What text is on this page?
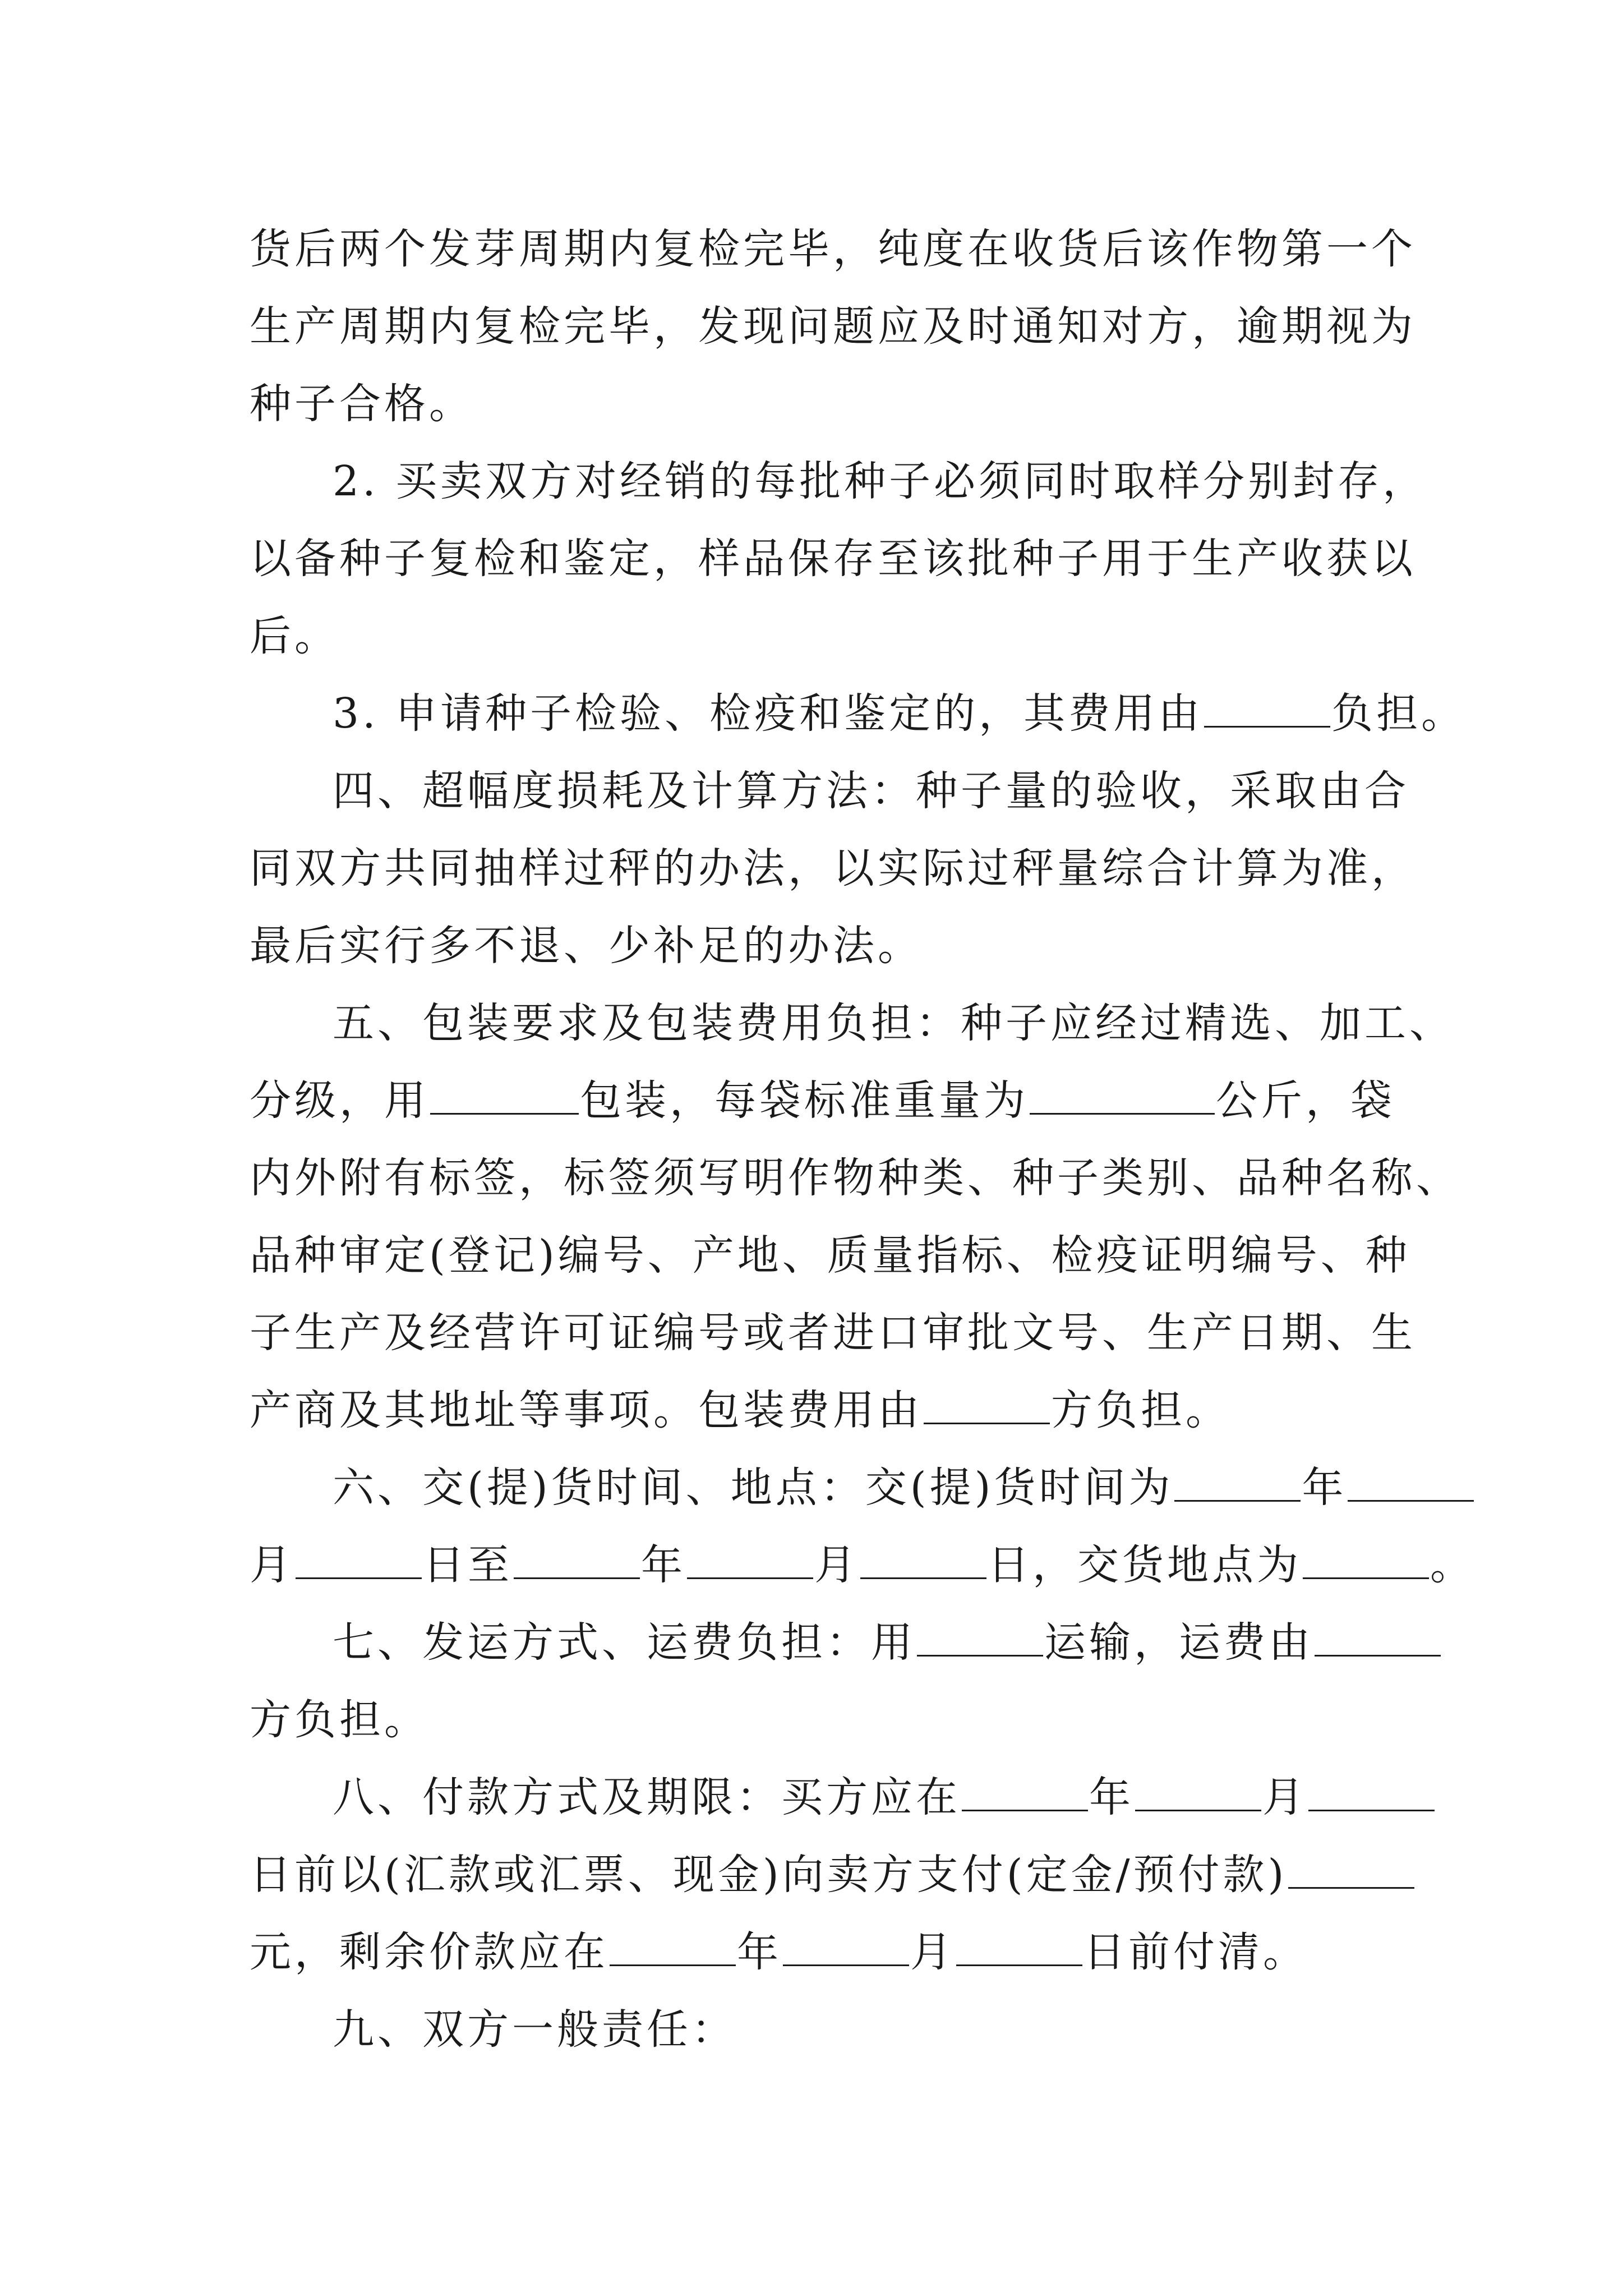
货后两个发芽周期内复检完毕，纯度在收货后该作物第一个
生产周期内复检完毕，发现问题应及时通知对方，逾期视为
种子合格。

2. 买卖双方对经销的每批种子必须同时取样分别封存，
以备种子复检和鉴定，样品保存至该批种子用于生产收获以
后。

3. 申请种子检验、检疫和鉴定的，其费用由	负担。

四、超幅度损耗及计算方法：种子量的验收，采取由合
同双方共同抽样过秤的办法，以实际过秤量综合计算为准，
最后实行多不退、少补足的办法。

五、包装要求及包装费用负担：种子应经过精选、加工、
分级，用	包装，每袋标准重量为	公斤，袋
内外附有标签，标签须写明作物种类、种子类别、品种名称、
品种审定(登记)编号、产地、质量指标、检疫证明编号、种
子生产及经营许可证编号或者进口审批文号、生产日期、生
产商及其地址等事项。包装费用由	方负担。

六、交(提)货时间、地点：交(提)货时间为	年
月	日至	年	月	日，交货地点为	。

七、发运方式、运费负担：用	运输，运费由
方负担。

八、付款方式及期限：买方应在	年	月
日前以(汇款或汇票、现金)向卖方支付(定金/预付款)
元，剩余价款应在	年	月	日前付清。

九、双方一般责任：
